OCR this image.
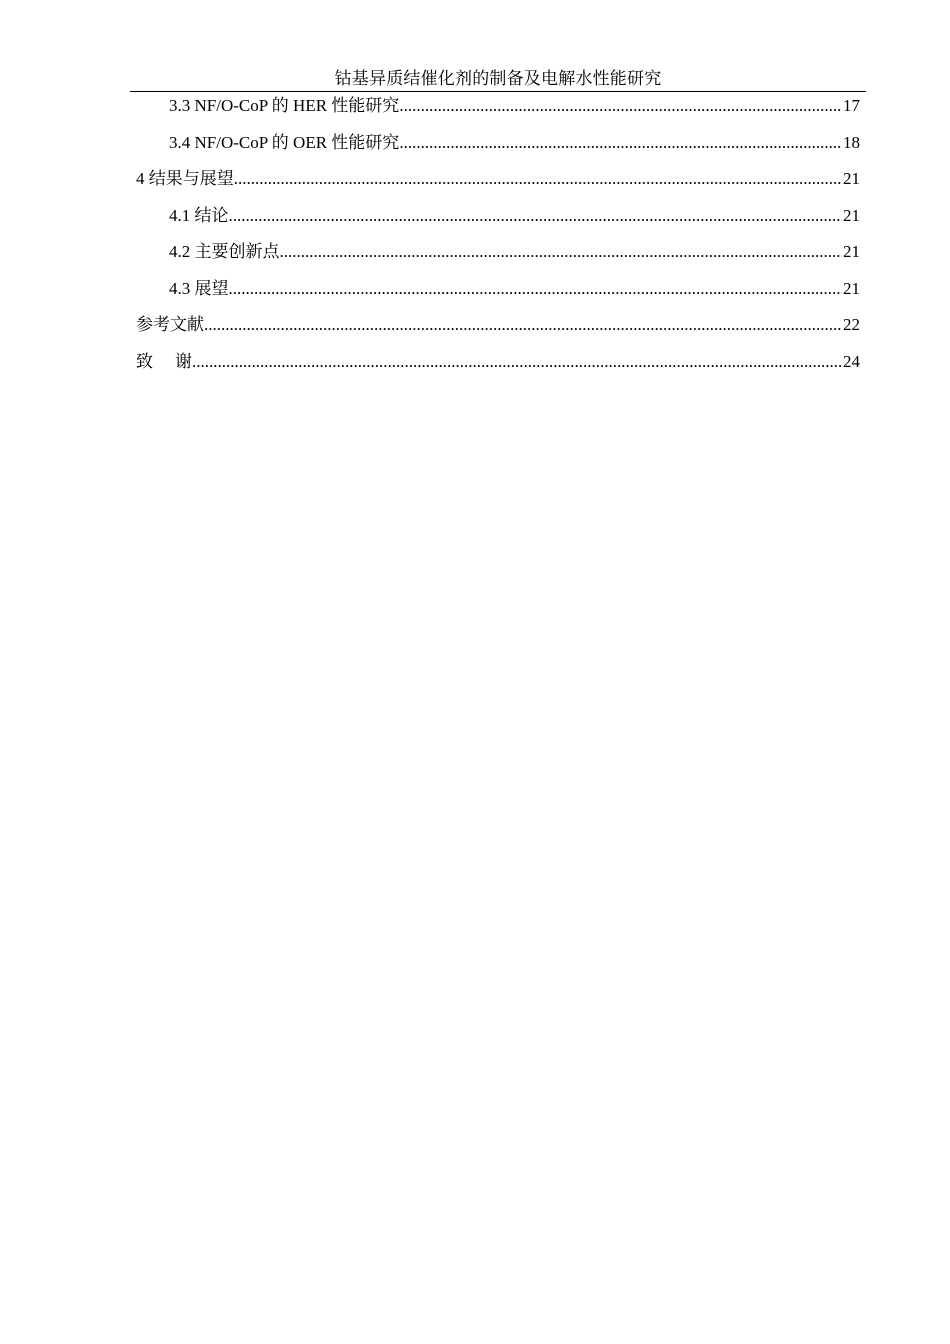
钴基异质结催化剂的制备及电解水性能研究
3.3 NF/O-CoP 的 HER 性能研究 .....	17
3.4 NF/O-CoP 的 OER 性能研究 .....	18
4 结果与展望 .....	21
4.1 结论 .....	21
4.2 主要创新点 .....	21
4.3 展望 .....	21
参考文献 .....	22
致 谢 .....	24
